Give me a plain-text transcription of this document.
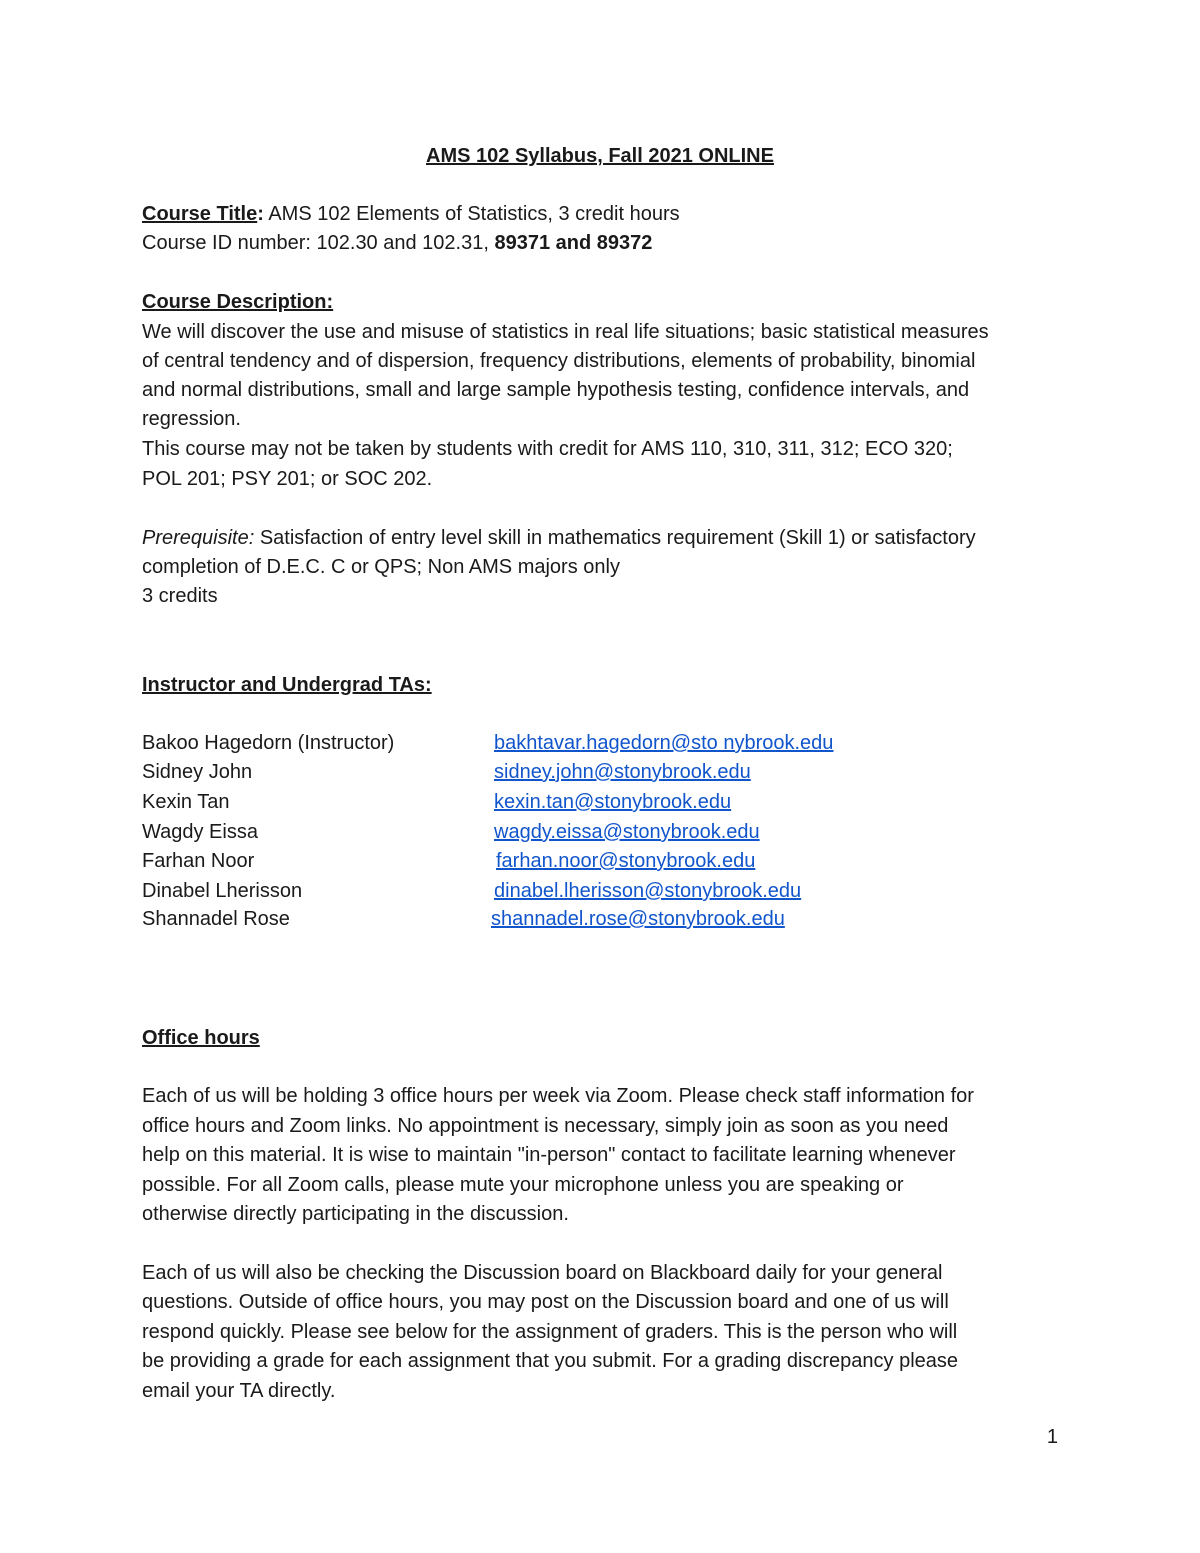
AMS 102 Syllabus, Fall 2021 ONLINE
Course Title: AMS 102 Elements of Statistics, 3 credit hours
Course ID number: 102.30 and 102.31, 89371 and 89372
Course Description:
We will discover the use and misuse of statistics in real life situations; basic statistical measures
of central tendency and of dispersion, frequency distributions, elements of probability, binomial
and normal distributions, small and large sample hypothesis testing, confidence intervals, and
regression.
This course may not be taken by students with credit for AMS 110, 310, 311, 312; ECO 320;
POL 201; PSY 201; or SOC 202.
Prerequisite: Satisfaction of entry level skill in mathematics requirement (Skill 1) or satisfactory
completion of D.E.C. C or QPS; Non AMS majors only
3 credits
Instructor and Undergrad TAs:
Bakoo Hagedorn (Instructor)	bakhtavar.hagedorn@sto nybrook.edu
Sidney John	sidney.john@stonybrook.edu
Kexin Tan	kexin.tan@stonybrook.edu
Wagdy Eissa	wagdy.eissa@stonybrook.edu
Farhan Noor	farhan.noor@stonybrook.edu
Dinabel Lherisson	dinabel.lherisson@stonybrook.edu
Shannadel Rose	shannadel.rose@stonybrook.edu
Office hours
Each of us will be holding 3 office hours per week via Zoom. Please check staff information for
office hours and Zoom links. No appointment is necessary, simply join as soon as you need
help on this material. It is wise to maintain "in-person" contact to facilitate learning whenever
possible. For all Zoom calls, please mute your microphone unless you are speaking or
otherwise directly participating in the discussion.
Each of us will also be checking the Discussion board on Blackboard daily for your general
questions. Outside of office hours, you may post on the Discussion board and one of us will
respond quickly. Please see below for the assignment of graders. This is the person who will
be providing a grade for each assignment that you submit. For a grading discrepancy please
email your TA directly.
1
